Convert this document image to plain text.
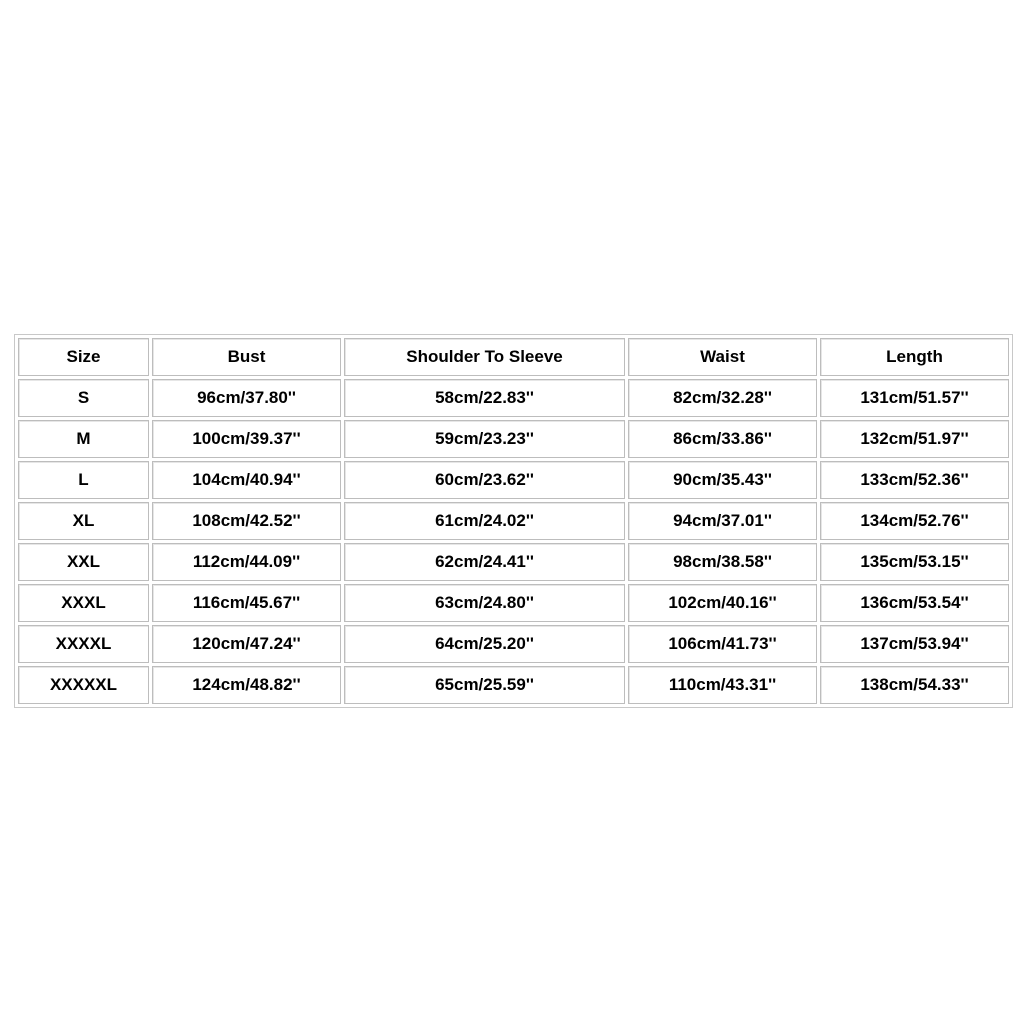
Size	Bust	Shoulder To Sleeve	Waist	Length
S	96cm/37.80''	58cm/22.83''	82cm/32.28''	131cm/51.57''
M	100cm/39.37''	59cm/23.23''	86cm/33.86''	132cm/51.97''
L	104cm/40.94''	60cm/23.62''	90cm/35.43''	133cm/52.36''
XL	108cm/42.52''	61cm/24.02''	94cm/37.01''	134cm/52.76''
XXL	112cm/44.09''	62cm/24.41''	98cm/38.58''	135cm/53.15''
XXXL	116cm/45.67''	63cm/24.80''	102cm/40.16''	136cm/53.54''
XXXXL	120cm/47.24''	64cm/25.20''	106cm/41.73''	137cm/53.94''
XXXXXL	124cm/48.82''	65cm/25.59''	110cm/43.31''	138cm/54.33''
